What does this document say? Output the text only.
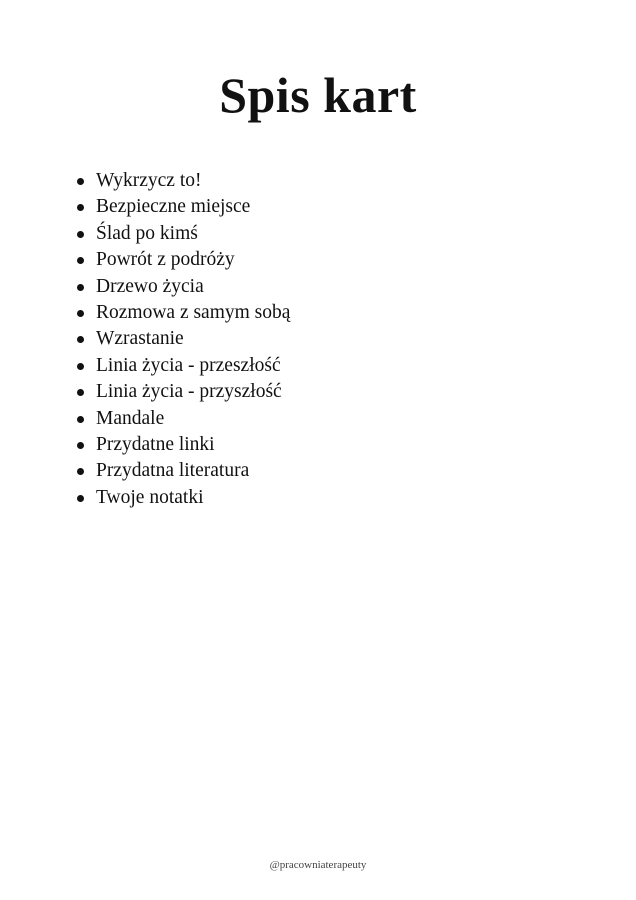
Spis kart
Wykrzycz to!
Bezpieczne miejsce
Ślad po kimś
Powrót z podróży
Drzewo życia
Rozmowa z samym sobą
Wzrastanie
Linia życia - przeszłość
Linia życia - przyszłość
Mandale
Przydatne linki
Przydatna literatura
Twoje notatki
@pracowniaterapeuty
